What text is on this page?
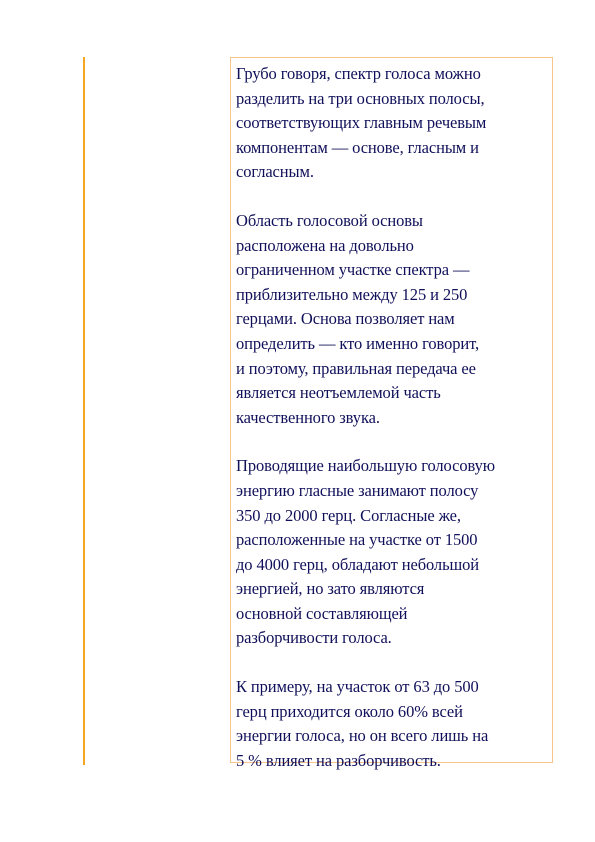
Грубо говоря, спектр голоса можно
разделить на три основных полосы,
соответствующих главным речевым
компонентам — основе, гласным и
согласным.

Область голосовой основы
расположена на довольно
ограниченном участке спектра —
приблизительно между 125 и 250
герцами. Основа позволяет нам
определить — кто именно говорит,
и поэтому, правильная передача ее
является неотъемлемой часть
качественного звука.

Проводящие наибольшую голосовую
энергию гласные занимают полосу
350 до 2000 герц. Согласные же,
расположенные на участке от 1500
до 4000 герц, обладают небольшой
энергией, но зато являются
основной составляющей
разборчивости голоса.

К примеру, на участок от 63 до 500
герц приходится около 60% всей
энергии голоса, но он всего лишь на
5 % влияет на разборчивость.
